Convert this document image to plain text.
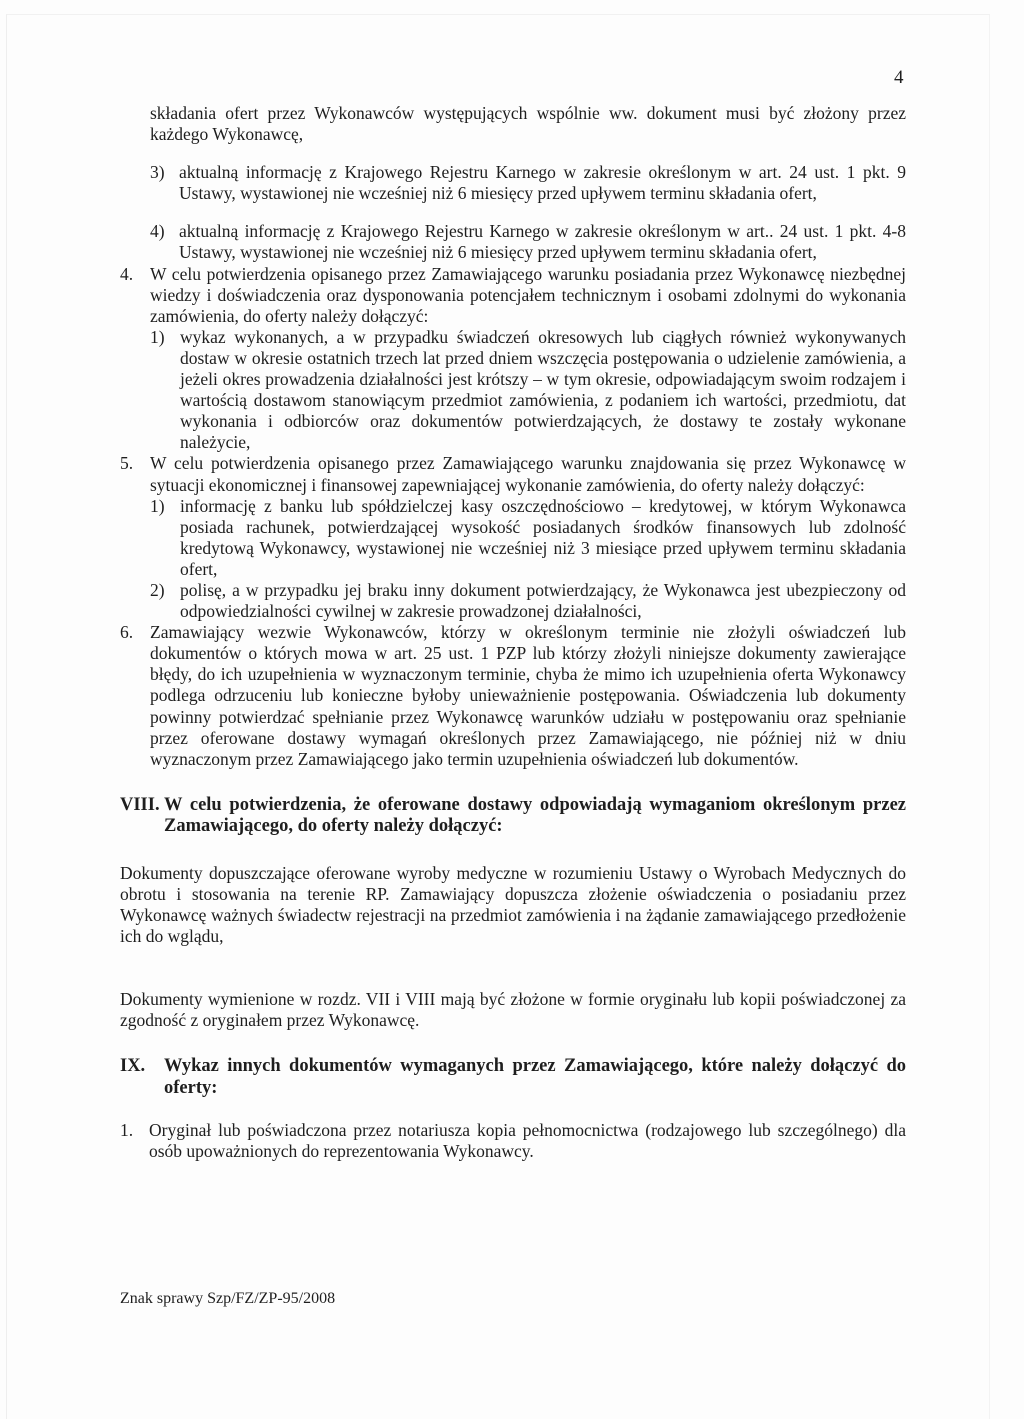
4

składania ofert przez Wykonawców występujących wspólnie ww. dokument musi być złożony przez każdego Wykonawcę,

3) aktualną informację z Krajowego Rejestru Karnego w zakresie określonym w art. 24 ust. 1 pkt. 9 Ustawy, wystawionej nie wcześniej niż 6 miesięcy przed upływem terminu składania ofert,
4) aktualną informację z Krajowego Rejestru Karnego w zakresie określonym w art.. 24 ust. 1 pkt. 4-8 Ustawy, wystawionej nie wcześniej niż 6 miesięcy przed upływem terminu składania ofert,
4. W celu potwierdzenia opisanego przez Zamawiającego warunku posiadania przez Wykonawcę niezbędnej wiedzy i doświadczenia oraz dysponowania potencjałem technicznym i osobami zdolnymi do wykonania zamówienia, do oferty należy dołączyć:
1) wykaz wykonanych, a w przypadku świadczeń okresowych lub ciągłych również wykonywanych dostaw w okresie ostatnich trzech lat przed dniem wszczęcia postępowania o udzielenie zamówienia, a jeżeli okres prowadzenia działalności jest krótszy – w tym okresie, odpowiadającym swoim rodzajem i wartością dostawom stanowiącym przedmiot zamówienia, z podaniem ich wartości, przedmiotu, dat wykonania i odbiorców oraz dokumentów potwierdzających, że dostawy te zostały wykonane należycie,
5. W celu potwierdzenia opisanego przez Zamawiającego warunku znajdowania się przez Wykonawcę w sytuacji ekonomicznej i finansowej zapewniającej wykonanie zamówienia, do oferty należy dołączyć:
1) informację z banku lub spółdzielczej kasy oszczędnościowo – kredytowej, w którym Wykonawca posiada rachunek, potwierdzającej wysokość posiadanych środków finansowych lub zdolność kredytową Wykonawcy, wystawionej nie wcześniej niż 3 miesiące przed upływem terminu składania ofert,
2) polisę, a w przypadku jej braku inny dokument potwierdzający, że Wykonawca jest ubezpieczony od odpowiedzialności cywilnej w zakresie prowadzonej działalności,
6. Zamawiający wezwie Wykonawców, którzy w określonym terminie nie złożyli oświadczeń lub dokumentów o których mowa w art. 25 ust. 1 PZP lub którzy złożyli niniejsze dokumenty zawierające błędy, do ich uzupełnienia w wyznaczonym terminie, chyba że mimo ich uzupełnienia oferta Wykonawcy podlega odrzuceniu lub konieczne byłoby unieważnienie postępowania. Oświadczenia lub dokumenty powinny potwierdzać spełnianie przez Wykonawcę warunków udziału w postępowaniu oraz spełnianie przez oferowane dostawy wymagań określonych przez Zamawiającego, nie później niż w dniu wyznaczonym przez Zamawiającego jako termin uzupełnienia oświadczeń lub dokumentów.
VIII. W celu potwierdzenia, że oferowane dostawy odpowiadają wymaganiom określonym przez Zamawiającego, do oferty należy dołączyć:

Dokumenty dopuszczające oferowane wyroby medyczne w rozumieniu Ustawy o Wyrobach Medycznych do obrotu i stosowania na terenie RP. Zamawiający dopuszcza złożenie oświadczenia o posiadaniu przez Wykonawcę ważnych świadectw rejestracji na przedmiot zamówienia i na żądanie zamawiającego przedłożenie ich do wglądu,

Dokumenty wymienione w rozdz. VII i VIII mają być złożone w formie oryginału lub kopii poświadczonej za zgodność z oryginałem przez Wykonawcę.

IX.	Wykaz innych dokumentów wymaganych przez Zamawiającego, które należy dołączyć do oferty:
1. Oryginał lub poświadczona przez notariusza kopia pełnomocnictwa (rodzajowego lub szczególnego) dla osób upoważnionych do reprezentowania Wykonawcy.
Znak sprawy Szp/FZ/ZP-95/2008
